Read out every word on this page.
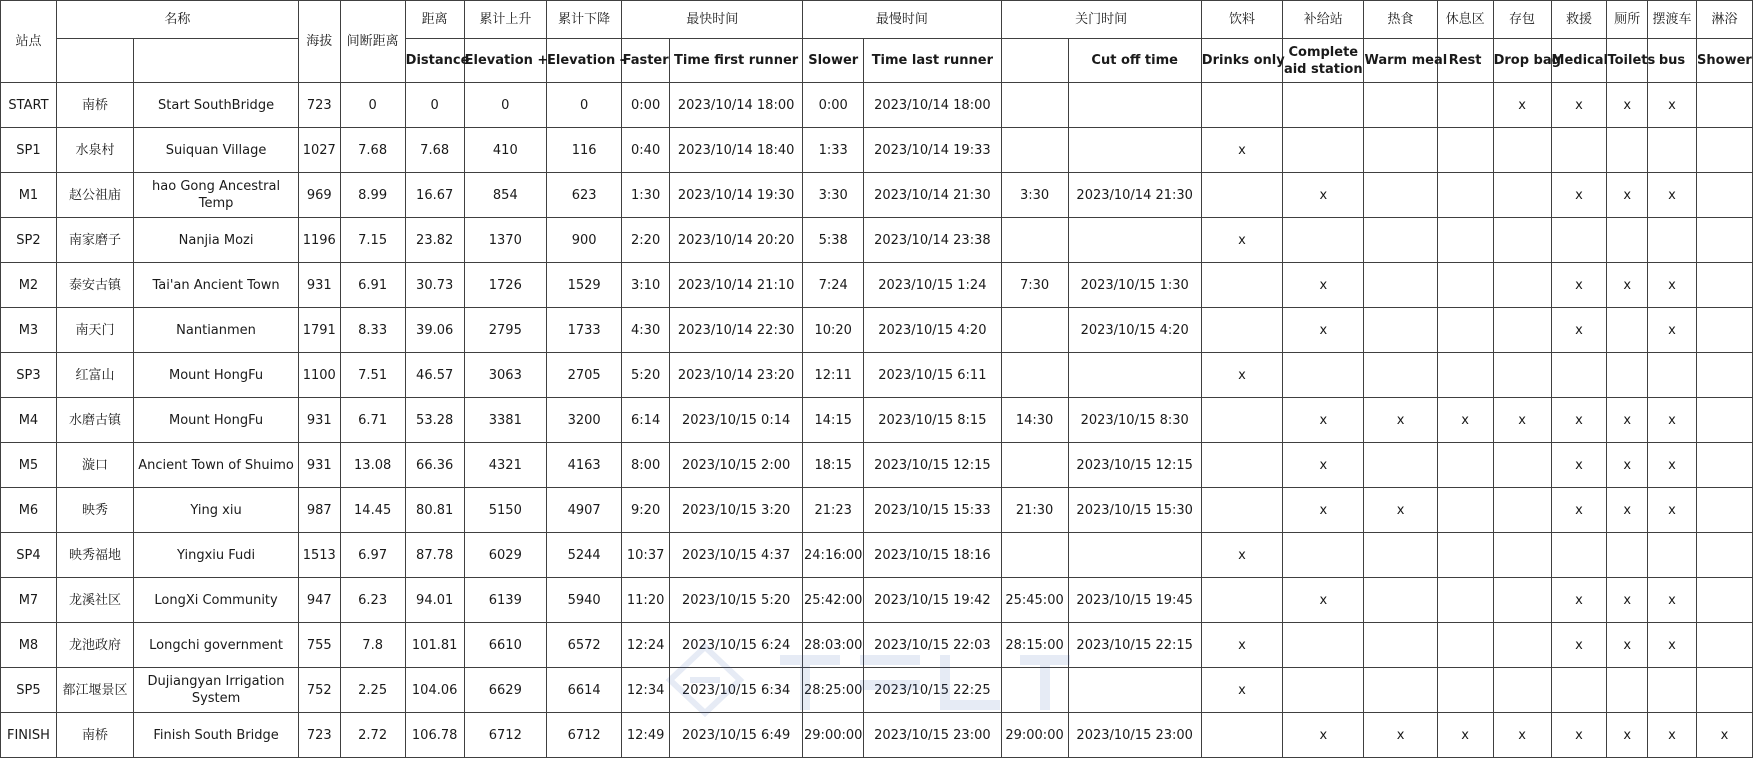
站点	名称		海拔	间断距离	距离	累计上升	累计下降	最快时间		最慢时间		关门时间		饮料	补给站	热食	休息区	存包	救援	厕所	摆渡车	淋浴
					Distance	Elevation +	Elevation -	Faster	Time first runner	Slower	Time last runner		Cut off time	Drinks only	Complete aid station	Warm meal	Rest	Drop bag	Medical	Toilets	bus	Shower
START	南桥	Start SouthBridge	723	0	0	0	0	0:00	2023/10/14 18:00	0:00	2023/10/14 18:00							x	x	x	x	
SP1	水泉村	Suiquan Village	1027	7.68	7.68	410	116	0:40	2023/10/14 18:40	1:33	2023/10/14 19:33			x								
M1	赵公祖庙	hao Gong Ancestral Temp	969	8.99	16.67	854	623	1:30	2023/10/14 19:30	3:30	2023/10/14 21:30	3:30	2023/10/14 21:30		x				x	x	x	
SP2	南家磨子	Nanjia Mozi	1196	7.15	23.82	1370	900	2:20	2023/10/14 20:20	5:38	2023/10/14 23:38			x								
M2	泰安古镇	Tai'an Ancient Town	931	6.91	30.73	1726	1529	3:10	2023/10/14 21:10	7:24	2023/10/15 1:24	7:30	2023/10/15 1:30		x				x	x	x	
M3	南天门	Nantianmen	1791	8.33	39.06	2795	1733	4:30	2023/10/14 22:30	10:20	2023/10/15 4:20		2023/10/15 4:20		x				x		x	
SP3	红富山	Mount HongFu	1100	7.51	46.57	3063	2705	5:20	2023/10/14 23:20	12:11	2023/10/15 6:11			x								
M4	水磨古镇	Mount HongFu	931	6.71	53.28	3381	3200	6:14	2023/10/15 0:14	14:15	2023/10/15 8:15	14:30	2023/10/15 8:30		x	x	x	x	x	x	x	
M5	漩口	Ancient Town of Shuimo	931	13.08	66.36	4321	4163	8:00	2023/10/15 2:00	18:15	2023/10/15 12:15		2023/10/15 12:15		x				x	x	x	
M6	映秀	Ying xiu	987	14.45	80.81	5150	4907	9:20	2023/10/15 3:20	21:23	2023/10/15 15:33	21:30	2023/10/15 15:30		x	x			x	x	x	
SP4	映秀福地	Yingxiu Fudi	1513	6.97	87.78	6029	5244	10:37	2023/10/15 4:37	24:16:00	2023/10/15 18:16			x								
M7	龙溪社区	LongXi Community	947	6.23	94.01	6139	5940	11:20	2023/10/15 5:20	25:42:00	2023/10/15 19:42	25:45:00	2023/10/15 19:45		x				x	x	x	
M8	龙池政府	Longchi government	755	7.8	101.81	6610	6572	12:24	2023/10/15 6:24	28:03:00	2023/10/15 22:03	28:15:00	2023/10/15 22:15	x					x	x	x	
SP5	都江堰景区	Dujiangyan Irrigation System	752	2.25	104.06	6629	6614	12:34	2023/10/15 6:34	28:25:00	2023/10/15 22:25			x								
FINISH	南桥	Finish South Bridge	723	2.72	106.78	6712	6712	12:49	2023/10/15 6:49	29:00:00	2023/10/15 23:00	29:00:00	2023/10/15 23:00		x	x	x	x	x	x	x	x
